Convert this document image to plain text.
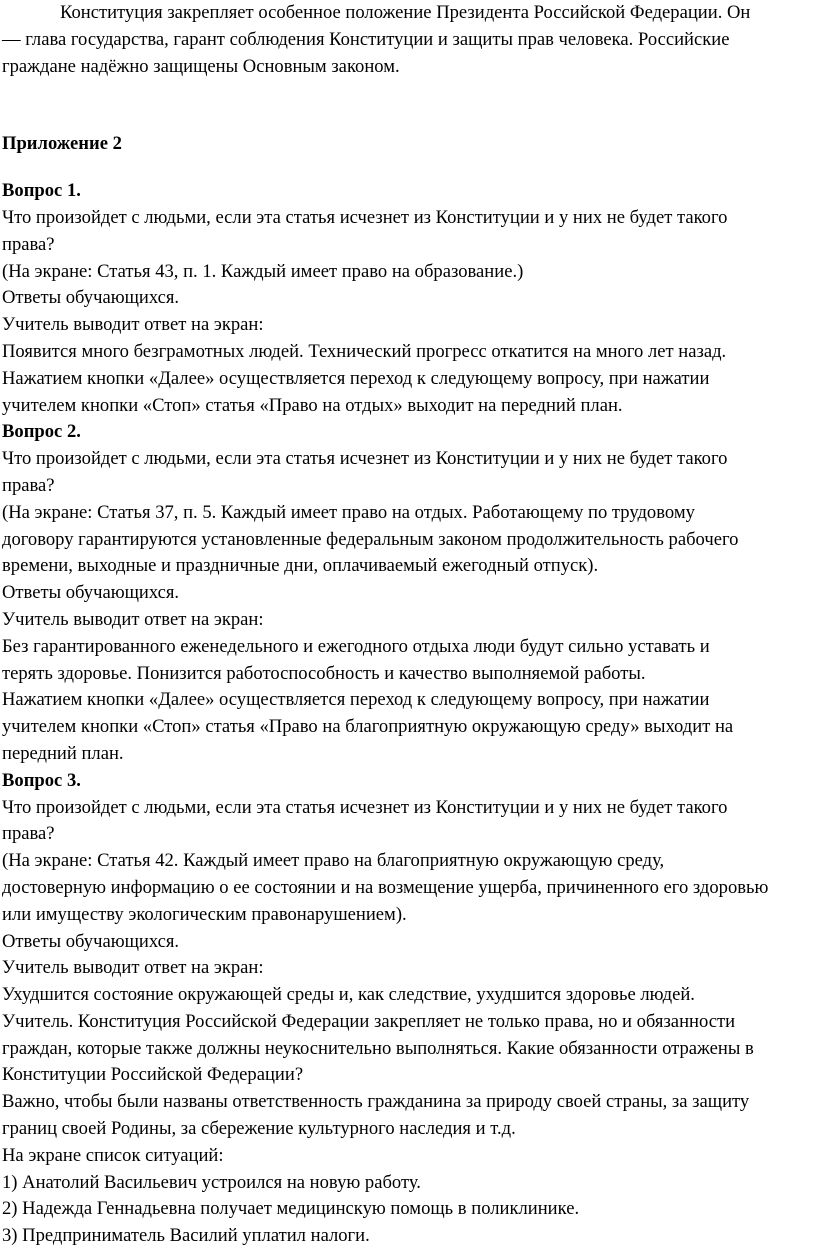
Конституция закрепляет особенное положение Президента Российской Федерации. Он

— глава государства, гарант соблюдения Конституции и защиты прав человека. Российские

граждане надёжно защищены Основным законом.

Приложение 2

Вопрос 1.

Что произойдет с людьми, если эта статья исчезнет из Конституции и у них не будет такого

права?

(На экране: Статья 43, п. 1. Каждый имеет право на образование.)

Ответы обучающихся.

Учитель выводит ответ на экран:

Появится много безграмотных людей. Технический прогресс откатится на много лет назад.

Нажатием кнопки «Далее» осуществляется переход к следующему вопросу, при нажатии

учителем кнопки «Стоп» статья «Право на отдых» выходит на передний план.

Вопрос 2.

Что произойдет с людьми, если эта статья исчезнет из Конституции и у них не будет такого

права?

(На экране: Статья 37, п. 5. Каждый имеет право на отдых. Работающему по трудовому

договору гарантируются установленные федеральным законом продолжительность рабочего

времени, выходные и праздничные дни, оплачиваемый ежегодный отпуск).

Ответы обучающихся.

Учитель выводит ответ на экран:

Без гарантированного еженедельного и ежегодного отдыха люди будут сильно уставать и

терять здоровье. Понизится работоспособность и качество выполняемой работы.

Нажатием кнопки «Далее» осуществляется переход к следующему вопросу, при нажатии

учителем кнопки «Стоп» статья «Право на благоприятную окружающую среду» выходит на

передний план.

Вопрос 3.

Что произойдет с людьми, если эта статья исчезнет из Конституции и у них не будет такого

права?

(На экране: Статья 42. Каждый имеет право на благоприятную окружающую среду,

достоверную информацию о ее состоянии и на возмещение ущерба, причиненного его здоровью

или имуществу экологическим правонарушением).

Ответы обучающихся.

Учитель выводит ответ на экран:

Ухудшится состояние окружающей среды и, как следствие, ухудшится здоровье людей.

Учитель. Конституция Российской Федерации закрепляет не только права, но и обязанности

граждан, которые также должны неукоснительно выполняться. Какие обязанности отражены в

Конституции Российской Федерации?

Важно, чтобы были названы ответственность гражданина за природу своей страны, за защиту

границ своей Родины, за сбережение культурного наследия и т.д.

На экране список ситуаций:

1) Анатолий Васильевич устроился на новую работу.

2) Надежда Геннадьевна получает медицинскую помощь в поликлинике.

3) Предприниматель Василий уплатил налоги.
